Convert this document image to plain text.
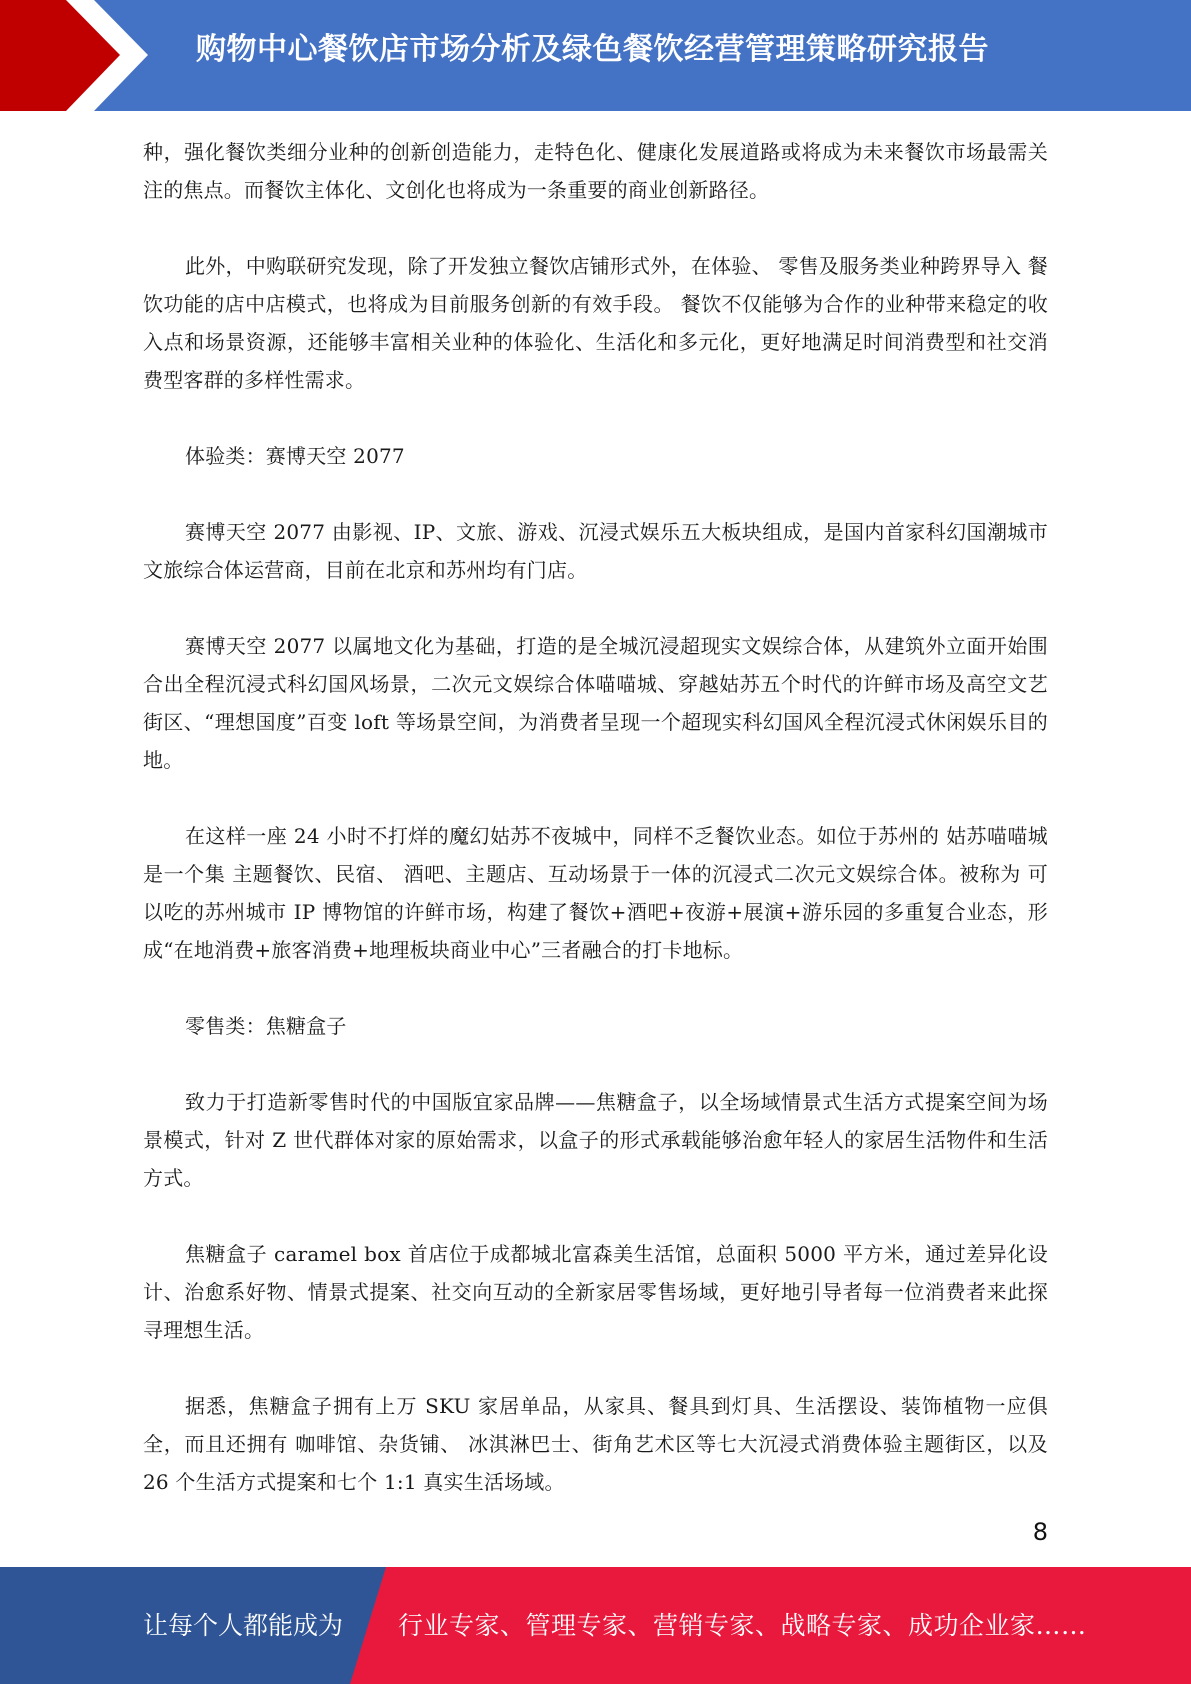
购物中心餐饮店市场分析及绿色餐饮经营管理策略研究报告

种，强化餐饮类细分业种的创新创造能力，走特色化、健康化发展道路或将成为未来餐饮市场最需关注的焦点。而餐饮主体化、文创化也将成为一条重要的商业创新路径。

此外，中购联研究发现，除了开发独立餐饮店铺形式外，在体验、 零售及服务类业种跨界导入 餐饮功能的店中店模式，也将成为目前服务创新的有效手段。 餐饮不仅能够为合作的业种带来稳定的收入点和场景资源，还能够丰富相关业种的体验化、生活化和多元化，更好地满足时间消费型和社交消费型客群的多样性需求。

体验类：赛博天空 2077

赛博天空 2077 由影视、IP、文旅、游戏、沉浸式娱乐五大板块组成，是国内首家科幻国潮城市文旅综合体运营商，目前在北京和苏州均有门店。

赛博天空 2077 以属地文化为基础，打造的是全城沉浸超现实文娱综合体，从建筑外立面开始围合出全程沉浸式科幻国风场景，二次元文娱综合体喵喵城、穿越姑苏五个时代的许鲜市场及高空文艺街区、“理想国度”百变 loft 等场景空间，为消费者呈现一个超现实科幻国风全程沉浸式休闲娱乐目的地。

在这样一座 24 小时不打烊的魔幻姑苏不夜城中，同样不乏餐饮业态。如位于苏州的 姑苏喵喵城是一个集 主题餐饮、民宿、 酒吧、主题店、互动场景于一体的沉浸式二次元文娱综合体。被称为 可以吃的苏州城市 IP 博物馆的许鲜市场，构建了餐饮+酒吧+夜游+展演+游乐园的多重复合业态，形成“在地消费+旅客消费+地理板块商业中心”三者融合的打卡地标。

零售类：焦糖盒子

致力于打造新零售时代的中国版宜家品牌——焦糖盒子，以全场域情景式生活方式提案空间为场景模式，针对 Z 世代群体对家的原始需求，以盒子的形式承载能够治愈年轻人的家居生活物件和生活方式。

焦糖盒子 caramel box 首店位于成都城北富森美生活馆，总面积 5000 平方米，通过差异化设计、治愈系好物、情景式提案、社交向互动的全新家居零售场域，更好地引导者每一位消费者来此探寻理想生活。

据悉，焦糖盒子拥有上万 SKU 家居单品，从家具、餐具到灯具、生活摆设、装饰植物一应俱全，而且还拥有 咖啡馆、杂货铺、 冰淇淋巴士、街角艺术区等七大沉浸式消费体验主题街区，以及 26 个生活方式提案和七个 1:1 真实生活场域。

8
让每个人都能成为 行业专家、管理专家、营销专家、战略专家、成功企业家……
